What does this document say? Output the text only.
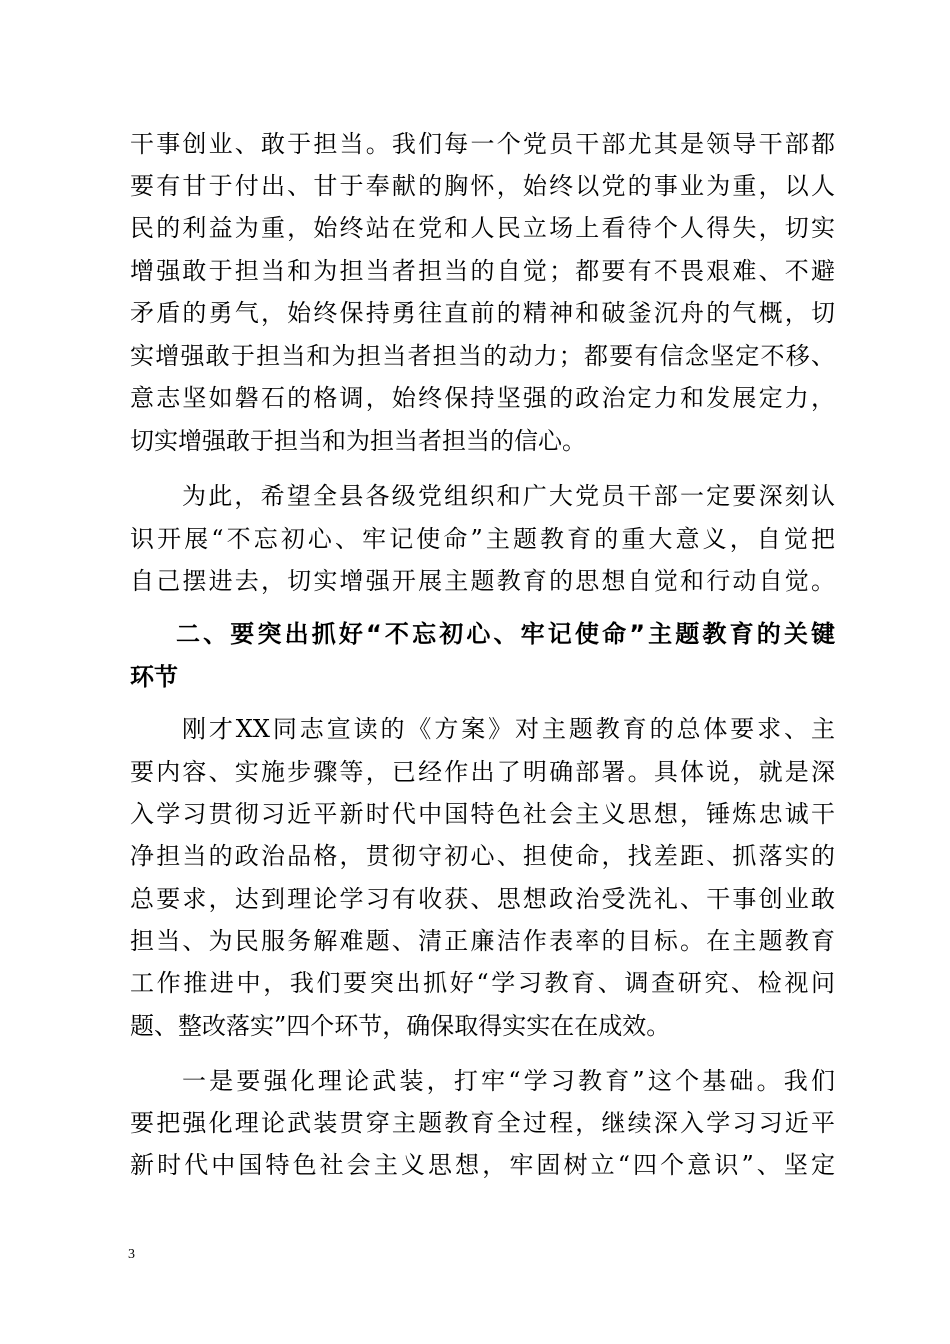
干事创业、敢于担当。我们每一个党员干部尤其是领导干部都
要有甘于付出、甘于奉献的胸怀，始终以党的事业为重，以人
民的利益为重，始终站在党和人民立场上看待个人得失，切实
增强敢于担当和为担当者担当的自觉；都要有不畏艰难、不避
矛盾的勇气，始终保持勇往直前的精神和破釜沉舟的气概，切
实增强敢于担当和为担当者担当的动力；都要有信念坚定不移、
意志坚如磐石的格调，始终保持坚强的政治定力和发展定力，
切实增强敢于担当和为担当者担当的信心。
为此，希望全县各级党组织和广大党员干部一定要深刻认
识开展“不忘初心、牢记使命”主题教育的重大意义，自觉把
自己摆进去，切实增强开展主题教育的思想自觉和行动自觉。
二、要突出抓好“不忘初心、牢记使命”主题教育的关键
环节
刚才XX同志宣读的《方案》对主题教育的总体要求、主
要内容、实施步骤等，已经作出了明确部署。具体说，就是深
入学习贯彻习近平新时代中国特色社会主义思想，锤炼忠诚干
净担当的政治品格，贯彻守初心、担使命，找差距、抓落实的
总要求，达到理论学习有收获、思想政治受洗礼、干事创业敢
担当、为民服务解难题、清正廉洁作表率的目标。在主题教育
工作推进中，我们要突出抓好“学习教育、调查研究、检视问
题、整改落实”四个环节，确保取得实实在在成效。
一是要强化理论武装，打牢“学习教育”这个基础。我们
要把强化理论武装贯穿主题教育全过程，继续深入学习习近平
新时代中国特色社会主义思想，牢固树立“四个意识”、坚定
3
